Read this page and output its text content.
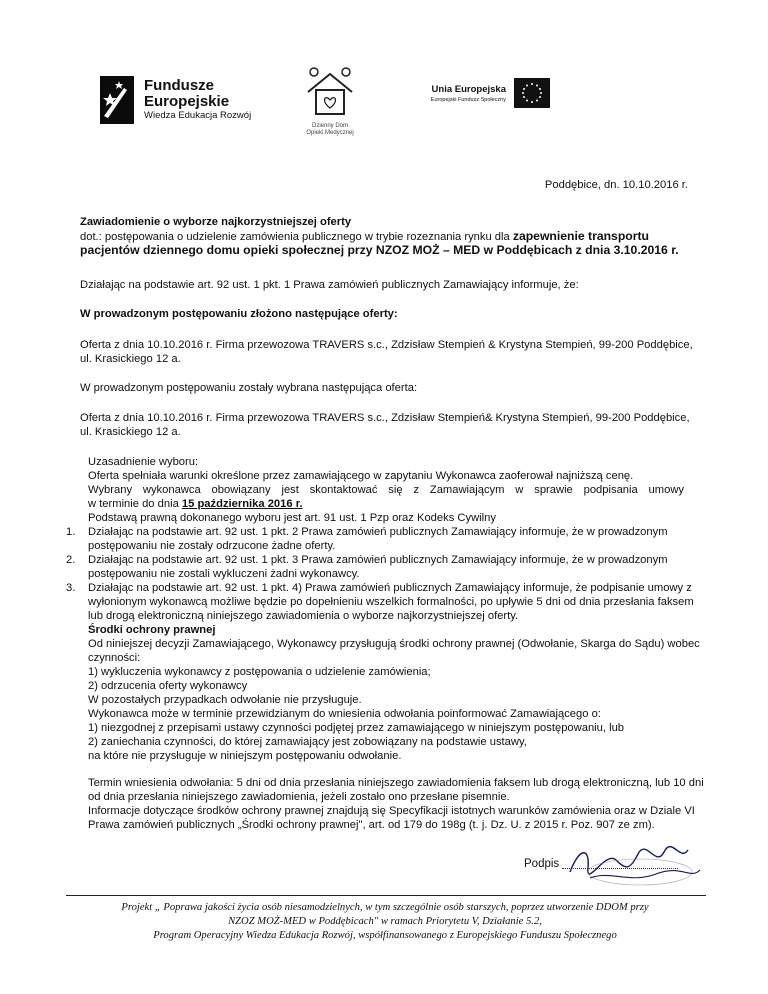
Fundusze
Europejskie
Wiedza Edukacja Rozwój
Dzienny Dom
Opieki Medycznej
Unia Europejska
Europejski Fundusz Społeczny

Poddębice, dn. 10.10.2016 r.

Zawiadomienie o wyborze najkorzystniejszej oferty

dot.: postępowania o udzielenie zamówienia publicznego w trybie rozeznania rynku dla zapewnienie transportu

pacjentów dziennego domu opieki społecznej przy NZOZ MOŻ – MED w Poddębicach z dnia 3.10.2016 r.

Działając na podstawie art. 92 ust. 1 pkt. 1 Prawa zamówień publicznych Zamawiający informuje, że:

W prowadzonym postępowaniu złożono następujące oferty:

Oferta z dnia 10.10.2016 r. Firma przewozowa TRAVERS s.c., Zdzisław Stempień & Krystyna Stempień, 99-200 Poddębice,

ul. Krasickiego 12 a.

W prowadzonym postępowaniu zostały wybrana następująca oferta:

Oferta z dnia 10.10.2016 r. Firma przewozowa TRAVERS s.c., Zdzisław Stempień& Krystyna Stempień, 99-200 Poddębice,

ul. Krasickiego 12 a.

Uzasadnienie wyboru:

Oferta spełniała warunki określone przez zamawiającego w zapytaniu Wykonawca zaoferował najniższą cenę.

Wybrany wykonawca obowiązany jest skontaktować się z Zamawiającym w sprawie podpisania umowy

w terminie do dnia 15 października 2016 r.

Podstawą prawną dokonanego wyboru jest art. 91 ust. 1 Pzp oraz Kodeks Cywilny

1. Działając na podstawie art. 92 ust. 1 pkt. 2 Prawa zamówień publicznych Zamawiający informuje, że w prowadzonym

postępowaniu nie zostały odrzucone żadne oferty.

2. Działając na podstawie art. 92 ust. 1 pkt. 3 Prawa zamówień publicznych Zamawiający informuje, że w prowadzonym

postępowaniu nie zostali wykluczeni żadni wykonawcy.

3. Działając na podstawie art. 92 ust. 1 pkt. 4) Prawa zamówień publicznych Zamawiający informuje, że podpisanie umowy z

wyłonionym wykonawcą możliwe będzie po dopełnieniu wszelkich formalności, po upływie 5 dni od dnia przesłania faksem

lub drogą elektroniczną niniejszego zawiadomienia o wyborze najkorzystniejszej oferty.

Środki ochrony prawnej

Od niniejszej decyzji Zamawiającego, Wykonawcy przysługują środki ochrony prawnej (Odwołanie, Skarga do Sądu) wobec

czynności:

1) wykluczenia wykonawcy z postępowania o udzielenie zamówienia;

2) odrzucenia oferty wykonawcy

W pozostałych przypadkach odwołanie nie przysługuje.

Wykonawca może w terminie przewidzianym do wniesienia odwołania poinformować Zamawiającego o:

1) niezgodnej z przepisami ustawy czynności podjętej przez zamawiającego w niniejszym postępowaniu, lub

2) zaniechania czynności, do której zamawiający jest zobowiązany na podstawie ustawy,

na które nie przysługuje w niniejszym postępowaniu odwołanie.

Termin wniesienia odwołania: 5 dni od dnia przesłania niniejszego zawiadomienia faksem lub drogą elektroniczną, lub 10 dni

od dnia przesłania niniejszego zawiadomienia, jeżeli zostało ono przesłane pisemnie.

Informacje dotyczące środków ochrony prawnej znajdują się Specyfikacji istotnych warunków zamówienia oraz w Dziale VI

Prawa zamówień publicznych „Środki ochrony prawnej", art. od 179 do 198g (t. j. Dz. U. z 2015 r. Poz. 907 ze zm).

Podpis
Projekt „ Poprawa jakości życia osób niesamodzielnych, w tym szczególnie osób starszych, poprzez utworzenie DDOM przy
NZOZ MOŻ-MED w Poddębicach" w ramach Priorytetu V, Działanie 5.2,
Program Operacyjny Wiedza Edukacja Rozwój, współfinansowanego z Europejskiego Funduszu Społecznego
